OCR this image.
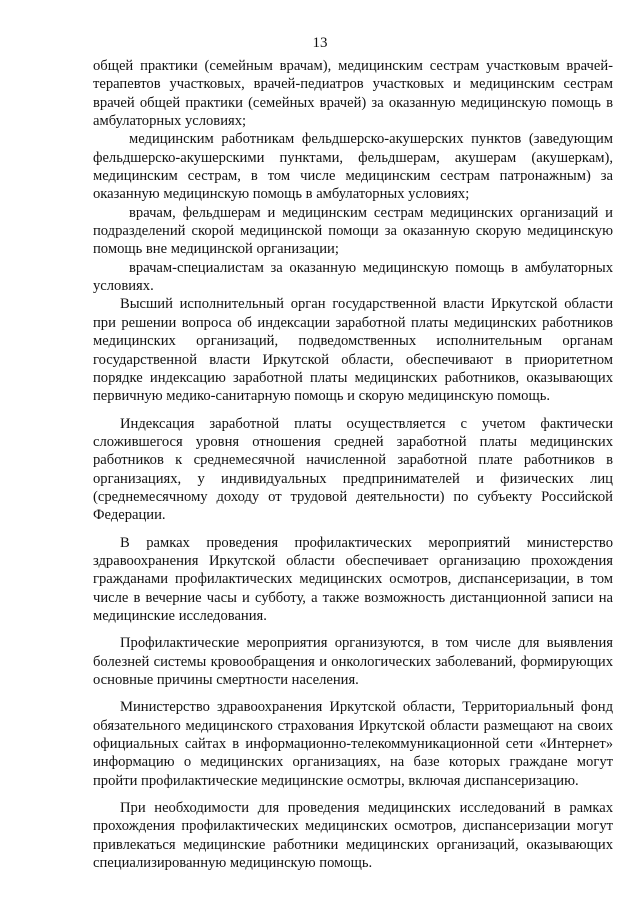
13

общей практики (семейным врачам), медицинским сестрам участковым врачей-терапевтов участковых, врачей-педиатров участковых и медицинским сестрам врачей общей практики (семейных врачей) за оказанную медицинскую помощь в амбулаторных условиях;

медицинским работникам фельдшерско-акушерских пунктов (заведующим фельдшерско-акушерскими пунктами, фельдшерам, акушерам (акушеркам), медицинским сестрам, в том числе медицинским сестрам патронажным) за оказанную медицинскую помощь в амбулаторных условиях;

врачам, фельдшерам и медицинским сестрам медицинских организаций и подразделений скорой медицинской помощи за оказанную скорую медицинскую помощь вне медицинской организации;

врачам-специалистам за оказанную медицинскую помощь в амбулаторных условиях.

Высший исполнительный орган государственной власти Иркутской области при решении вопроса об индексации заработной платы медицинских работников медицинских организаций, подведомственных исполнительным органам государственной власти Иркутской области, обеспечивают в приоритетном порядке индексацию заработной платы медицинских работников, оказывающих первичную медико-санитарную помощь и скорую медицинскую помощь.

Индексация заработной платы осуществляется с учетом фактически сложившегося уровня отношения средней заработной платы медицинских работников к среднемесячной начисленной заработной плате работников в организациях, у индивидуальных предпринимателей и физических лиц (среднемесячному доходу от трудовой деятельности) по субъекту Российской Федерации.

В рамках проведения профилактических мероприятий министерство здравоохранения Иркутской области обеспечивает организацию прохождения гражданами профилактических медицинских осмотров, диспансеризации, в том числе в вечерние часы и субботу, а также возможность дистанционной записи на медицинские исследования.

Профилактические мероприятия организуются, в том числе для выявления болезней системы кровообращения и онкологических заболеваний, формирующих основные причины смертности населения.

Министерство здравоохранения Иркутской области, Территориальный фонд обязательного медицинского страхования Иркутской области размещают на своих официальных сайтах в информационно-телекоммуникационной сети «Интернет» информацию о медицинских организациях, на базе которых граждане могут пройти профилактические медицинские осмотры, включая диспансеризацию.

При необходимости для проведения медицинских исследований в рамках прохождения профилактических медицинских осмотров, диспансеризации могут привлекаться медицинские работники медицинских организаций, оказывающих специализированную медицинскую помощь.
